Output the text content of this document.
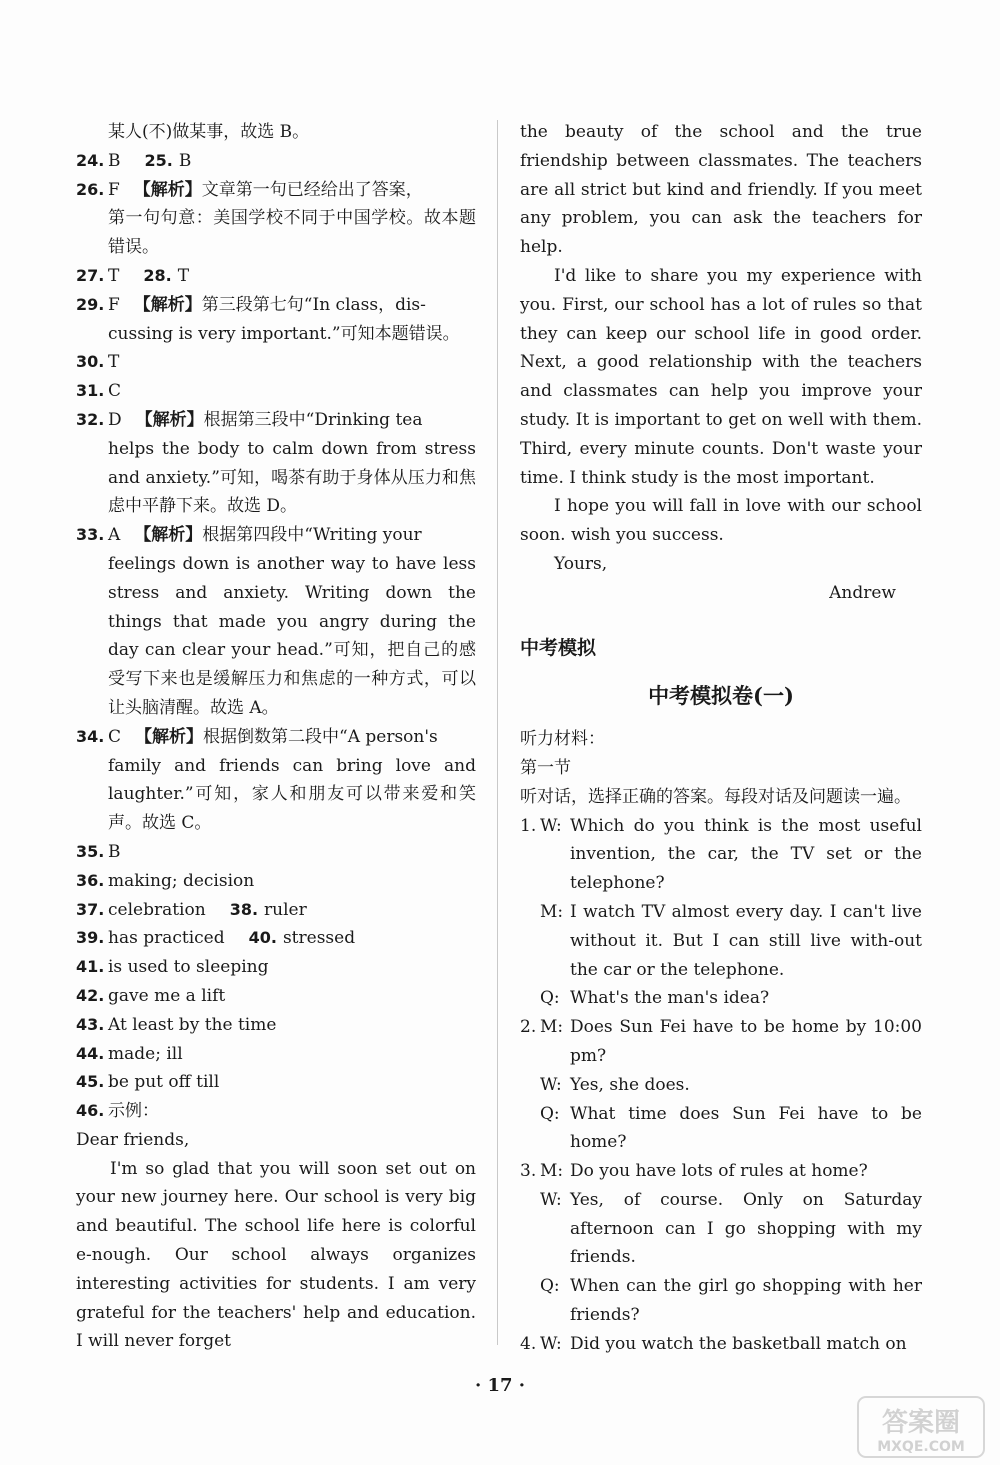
某人(不)做某事，故选 B。
24. B 25. B
26. F 【解析】文章第一句已经给出了答案，
第一句句意：美国学校不同于中国学校。故本题错误。
27. T 28. T
29. F 【解析】第三段第七句“In class，dis-
cussing is very important.”可知本题错误。
30. T
31. C
32. D 【解析】根据第三段中“Drinking tea
helps the body to calm down from stress and anxiety.”可知，喝茶有助于身体从压力和焦虑中平静下来。故选 D。
33. A 【解析】根据第四段中“Writing your
feelings down is another way to have less stress and anxiety. Writing down the things that made you angry during the day can clear your head.”可知，把自己的感受写下来也是缓解压力和焦虑的一种方式，可以让头脑清醒。故选 A。
34. C 【解析】根据倒数第二段中“A person's
family and friends can bring love and laughter.”可知，家人和朋友可以带来爱和笑声。故选 C。
35. B
36. making; decision
37. celebration 38. ruler
39. has practiced 40. stressed
41. is used to sleeping
42. gave me a lift
43. At least by the time
44. made; ill
45. be put off till
46. 示例：
Dear friends,
I'm so glad that you will soon set out on your new journey here. Our school is very big and beautiful. The school life here is colorful e-nough. Our school always organizes interesting activities for students. I am very grateful for the teachers' help and education. I will never forget
the beauty of the school and the true friendship between classmates. The teachers are all strict but kind and friendly. If you meet any problem, you can ask the teachers for help.
I'd like to share you my experience with you. First, our school has a lot of rules so that they can keep our school life in good order. Next, a good relationship with the teachers and classmates can help you improve your study. It is important to get on well with them. Third, every minute counts. Don't waste your time. I think study is the most important.
I hope you will fall in love with our school soon. wish you success.
Yours,
Andrew
中考模拟
中考模拟卷(一)
听力材料：
第一节
听对话，选择正确的答案。每段对话及问题读一遍。
1. W: Which do you think is the most useful invention, the car, the TV set or the telephone?
M: I watch TV almost every day. I can't live without it. But I can still live with-out the car or the telephone.
Q: What's the man's idea?
2. M: Does Sun Fei have to be home by 10:00 pm?
W: Yes, she does.
Q: What time does Sun Fei have to be home?
3. M: Do you have lots of rules at home?
W: Yes, of course. Only on Saturday afternoon can I go shopping with my friends.
Q: When can the girl go shopping with her friends?
4. W: Did you watch the basketball match on
· 17 ·
答案圈
MXQE.COM
